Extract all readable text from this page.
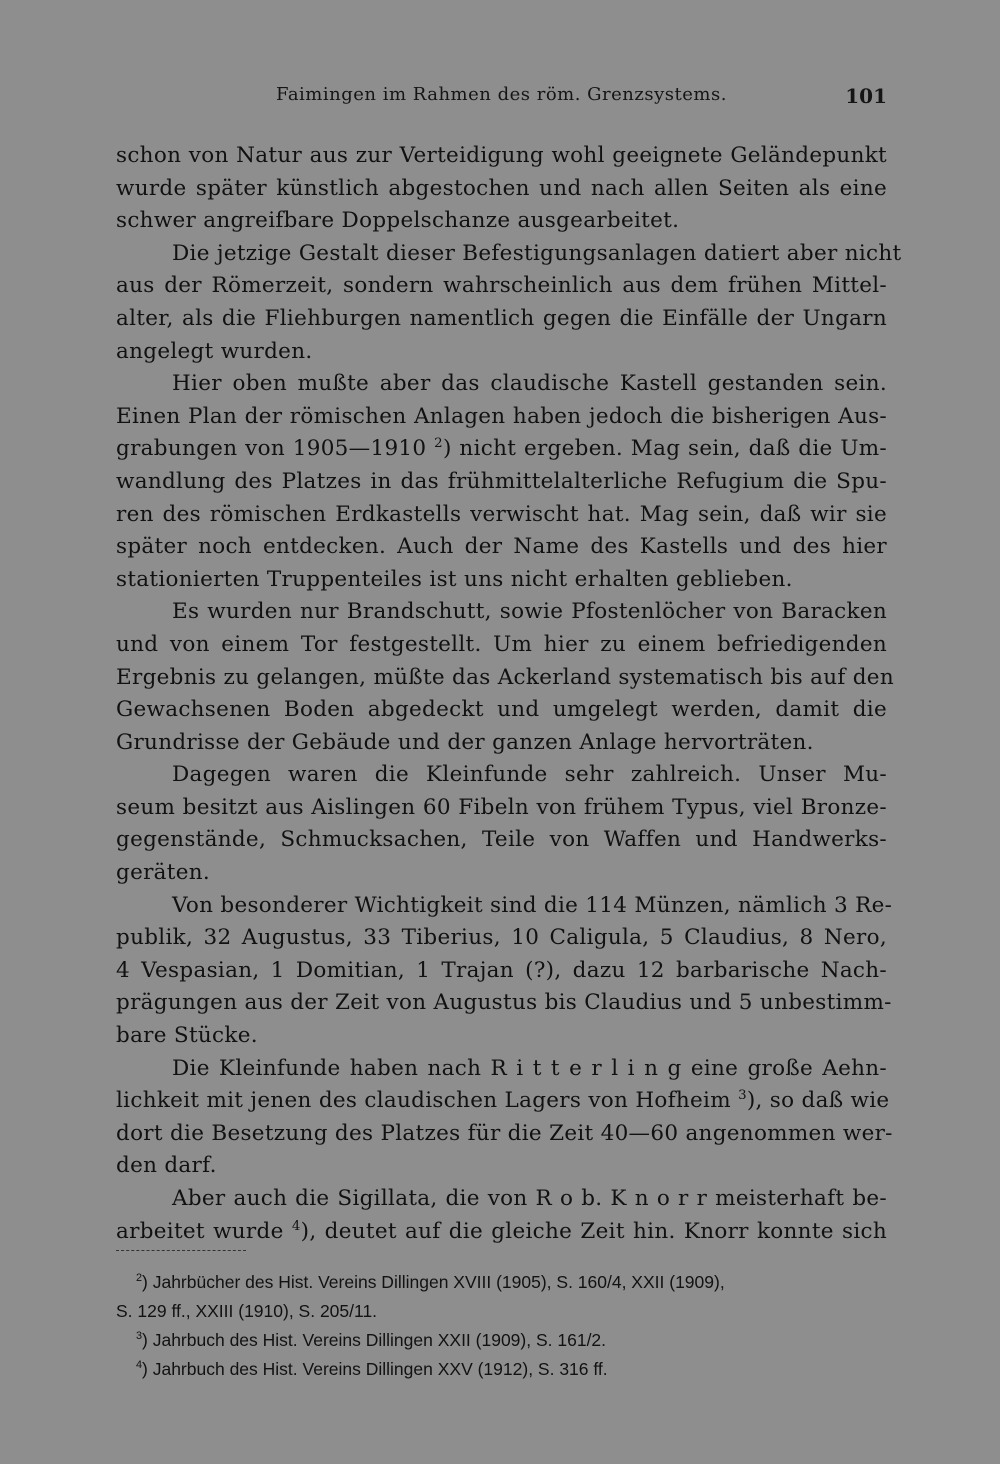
Faimingen im Rahmen des röm. Grenzsystems.	101
schon von Natur aus zur Verteidigung wohl geeignete Geländepunkt
wurde später künstlich abgestochen und nach allen Seiten als eine
schwer angreifbare Doppelschanze ausgearbeitet.
Die jetzige Gestalt dieser Befestigungsanlagen datiert aber nicht
aus der Römerzeit, sondern wahrscheinlich aus dem frühen Mittel-
alter, als die Fliehburgen namentlich gegen die Einfälle der Ungarn
angelegt wurden.
Hier oben mußte aber das claudische Kastell gestanden sein.
Einen Plan der römischen Anlagen haben jedoch die bisherigen Aus-
grabungen von 1905—1910 $^2$) nicht ergeben. Mag sein, daß die Um-
wandlung des Platzes in das frühmittelalterliche Refugium die Spu-
ren des römischen Erdkastells verwischt hat. Mag sein, daß wir sie
später noch entdecken. Auch der Name des Kastells und des hier
stationierten Truppenteiles ist uns nicht erhalten geblieben.
Es wurden nur Brandschutt, sowie Pfostenlöcher von Baracken
und von einem Tor festgestellt. Um hier zu einem befriedigenden
Ergebnis zu gelangen, müßte das Ackerland systematisch bis auf den
Gewachsenen Boden abgedeckt und umgelegt werden, damit die
Grundrisse der Gebäude und der ganzen Anlage hervorträten.
Dagegen waren die Kleinfunde sehr zahlreich. Unser Mu-
seum besitzt aus Aislingen 60 Fibeln von frühem Typus, viel Bronze-
gegenstände, Schmucksachen, Teile von Waffen und Handwerks-
geräten.
Von besonderer Wichtigkeit sind die 114 Münzen, nämlich 3 Re-
publik, 32 Augustus, 33 Tiberius, 10 Caligula, 5 Claudius, 8 Nero,
4 Vespasian, 1 Domitian, 1 Trajan (?), dazu 12 barbarische Nach-
prägungen aus der Zeit von Augustus bis Claudius und 5 unbestimm-
bare Stücke.
Die Kleinfunde haben nach R i t t e r l i n g eine große Aehn-
lichkeit mit jenen des claudischen Lagers von Hofheim $^3$), so daß wie
dort die Besetzung des Platzes für die Zeit 40—60 angenommen wer-
den darf.
Aber auch die Sigillata, die von R o b. K n o r r meisterhaft be-
arbeitet wurde $^4$), deutet auf die gleiche Zeit hin. Knorr konnte sich
$^2$) Jahrbücher des Hist. Vereins Dillingen XVIII (1905), S. 160/4, XXII (1909),
S. 129 ff., XXIII (1910), S. 205/11.
$^3$) Jahrbuch des Hist. Vereins Dillingen XXII (1909), S. 161/2.
$^4$) Jahrbuch des Hist. Vereins Dillingen XXV (1912), S. 316 ff.
